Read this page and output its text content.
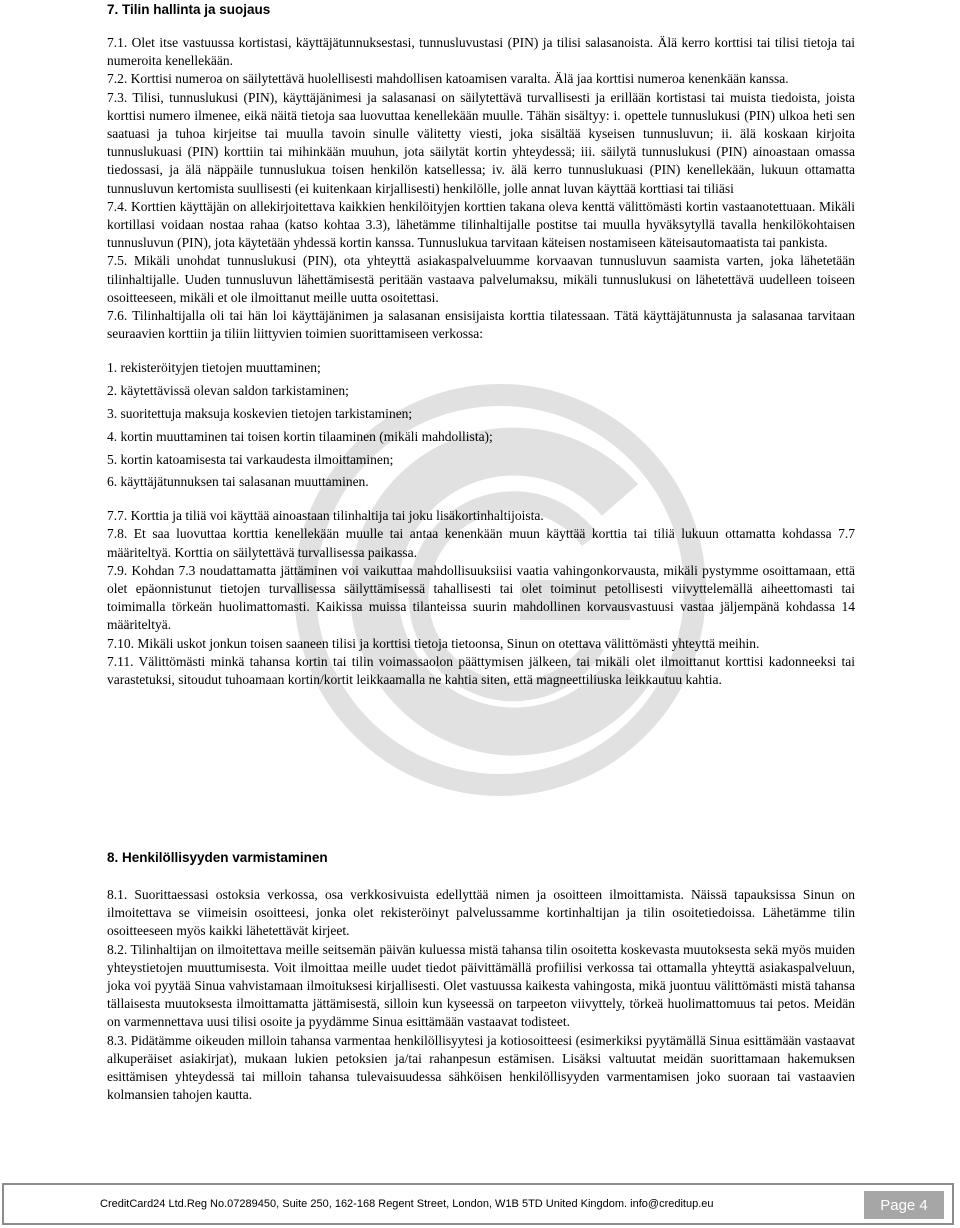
7. Tilin hallinta ja suojaus

7.1. Olet itse vastuussa kortistasi, käyttäjätunnuksestasi, tunnusluvustasi (PIN) ja tilisi salasanoista. Älä kerro korttisi tai tilisi tietoja tai numeroita kenellekään.

7.2. Korttisi numeroa on säilytettävä huolellisesti mahdollisen katoamisen varalta. Älä jaa korttisi numeroa kenenkään kanssa.

7.3. Tilisi, tunnuslukusi (PIN), käyttäjänimesi ja salasanasi on säilytettävä turvallisesti ja erillään kortistasi tai muista tiedoista, joista korttisi numero ilmenee, eikä näitä tietoja saa luovuttaa kenellekään muulle. Tähän sisältyy: i. opettele tunnuslukusi (PIN) ulkoa heti sen saatuasi ja tuhoa kirjeitse tai muulla tavoin sinulle välitetty viesti, joka sisältää kyseisen tunnusluvun; ii. älä koskaan kirjoita tunnuslukuasi (PIN) korttiin tai mihinkään muuhun, jota säilytät kortin yhteydessä; iii. säilytä tunnuslukusi (PIN) ainoastaan omassa tiedossasi, ja älä näppäile tunnuslukua toisen henkilön katsellessa; iv. älä kerro tunnuslukuasi (PIN) kenellekään, lukuun ottamatta tunnusluvun kertomista suullisesti (ei kuitenkaan kirjallisesti) henkilölle, jolle annat luvan käyttää korttiasi tai tiliäsi

7.4. Korttien käyttäjän on allekirjoitettava kaikkien henkilöityjen korttien takana oleva kenttä välittömästi kortin vastaanotettuaan. Mikäli kortillasi voidaan nostaa rahaa (katso kohtaa 3.3), lähetämme tilinhaltijalle postitse tai muulla hyväksytyllä tavalla henkilökohtaisen tunnusluvun (PIN), jota käytetään yhdessä kortin kanssa. Tunnuslukua tarvitaan käteisen nostamiseen käteisautomaatista tai pankista.

7.5. Mikäli unohdat tunnuslukusi (PIN), ota yhteyttä asiakaspalveluumme korvaavan tunnusluvun saamista varten, joka lähetetään tilinhaltijalle. Uuden tunnusluvun lähettämisestä peritään vastaava palvelumaksu, mikäli tunnuslukusi on lähetettävä uudelleen toiseen osoitteeseen, mikäli et ole ilmoittanut meille uutta osoitettasi.

7.6. Tilinhaltijalla oli tai hän loi käyttäjänimen ja salasanan ensisijaista korttia tilatessaan. Tätä käyttäjätunnusta ja salasanaa tarvitaan seuraavien korttiin ja tiliin liittyvien toimien suorittamiseen verkossa:

1. rekisteröityjen tietojen muuttaminen;
2. käytettävissä olevan saldon tarkistaminen;
3. suoritettuja maksuja koskevien tietojen tarkistaminen;
4. kortin muuttaminen tai toisen kortin tilaaminen (mikäli mahdollista);
5. kortin katoamisesta tai varkaudesta ilmoittaminen;
6. käyttäjätunnuksen tai salasanan muuttaminen.

7.7. Korttia ja tiliä voi käyttää ainoastaan tilinhaltija tai joku lisäkortinhaltijoista.

7.8. Et saa luovuttaa korttia kenellekään muulle tai antaa kenenkään muun käyttää korttia tai tiliä lukuun ottamatta kohdassa 7.7 määriteltyä. Korttia on säilytettävä turvallisessa paikassa.

7.9. Kohdan 7.3 noudattamatta jättäminen voi vaikuttaa mahdollisuuksiisi vaatia vahingonkorvausta, mikäli pystymme osoittamaan, että olet epäonnistunut tietojen turvallisessa säilyttämisessä tahallisesti tai olet toiminut petollisesti viivyttelemällä aiheettomasti tai toimimalla törkeän huolimattomasti. Kaikissa muissa tilanteissa suurin mahdollinen korvausvastuusi vastaa jäljempänä kohdassa 14 määriteltyä.

7.10. Mikäli uskot jonkun toisen saaneen tilisi ja korttisi tietoja tietoonsa, Sinun on otettava välittömästi yhteyttä meihin.

7.11. Välittömästi minkä tahansa kortin tai tilin voimassaolon päättymisen jälkeen, tai mikäli olet ilmoittanut korttisi kadonneeksi tai varastetuksi, sitoudut tuhoamaan kortin/kortit leikkaamalla ne kahtia siten, että magneettiliuska leikkautuu kahtia.

8. Henkilöllisyyden varmistaminen

8.1. Suorittaessasi ostoksia verkossa, osa verkkosivuista edellyttää nimen ja osoitteen ilmoittamista. Näissä tapauksissa Sinun on ilmoitettava se viimeisin osoitteesi, jonka olet rekisteröinyt palvelussamme kortinhaltijan ja tilin osoitetiedoissa. Lähetämme tilin osoitteeseen myös kaikki lähetettävät kirjeet.

8.2. Tilinhaltijan on ilmoitettava meille seitsemän päivän kuluessa mistä tahansa tilin osoitetta koskevasta muutoksesta sekä myös muiden yhteystietojen muuttumisesta. Voit ilmoittaa meille uudet tiedot päivittämällä profiilisi verkossa tai ottamalla yhteyttä asiakaspalveluun, joka voi pyytää Sinua vahvistamaan ilmoituksesi kirjallisesti. Olet vastuussa kaikesta vahingosta, mikä juontuu välittömästi mistä tahansa tällaisesta muutoksesta ilmoittamatta jättämisestä, silloin kun kyseessä on tarpeeton viivyttely, törkeä huolimattomuus tai petos. Meidän on varmennettava uusi tilisi osoite ja pyydämme Sinua esittämään vastaavat todisteet.

8.3. Pidätämme oikeuden milloin tahansa varmentaa henkilöllisyytesi ja kotiosoitteesi (esimerkiksi pyytämällä Sinua esittämään vastaavat alkuperäiset asiakirjat), mukaan lukien petoksien ja/tai rahanpesun estämisen. Lisäksi valtuutat meidän suorittamaan hakemuksen esittämisen yhteydessä tai milloin tahansa tulevaisuudessa sähköisen henkilöllisyyden varmentamisen joko suoraan tai vastaavien kolmansien tahojen kautta.

CreditCard24 Ltd.Reg No.07289450, Suite 250, 162-168 Regent Street, London, W1B 5TD United Kingdom. info@creditup.eu	Page 4
